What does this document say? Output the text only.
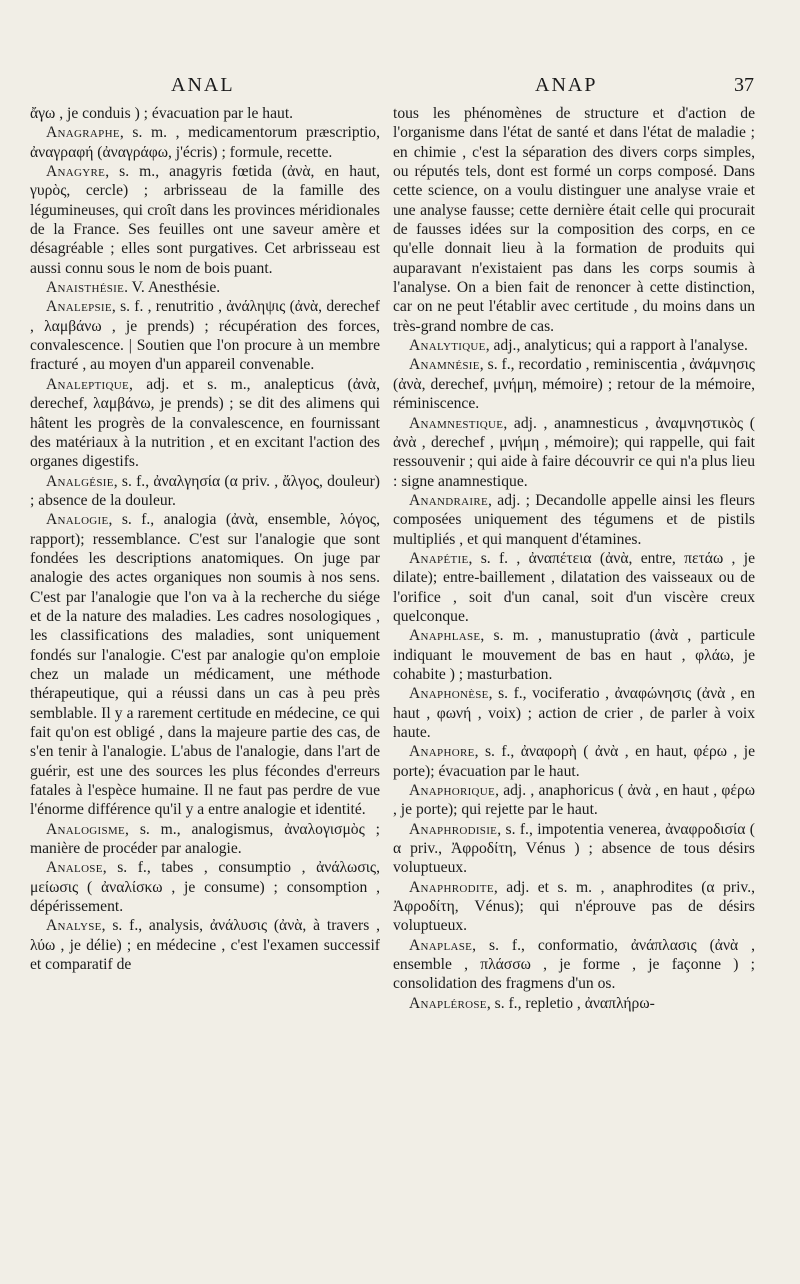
ANAL	ANAP	37

ἄγω , je conduis ) ; évacuation par le haut.

Anagraphe, s. m. , medicamentorum præscriptio, ἀναγραφή (ἀναγράφω, j'écris) ; formule, recette.

Anagyre, s. m., anagyris fœtida (ἀνὰ, en haut, γυρὸς, cercle) ; arbrisseau de la famille des légumineuses, qui croît dans les provinces méridionales de la France. Ses feuilles ont une saveur amère et désagréable ; elles sont purgatives. Cet arbrisseau est aussi connu sous le nom de bois puant.

Anaisthésie. V. Anesthésie.

Analepsie, s. f. , renutritio , ἀνάληψις (ἀνὰ, derechef , λαμβάνω , je prends) ; récupération des forces, convalescence. | Soutien que l'on procure à un membre fracturé , au moyen d'un appareil convenable.

Analeptique, adj. et s. m., analepticus (ἀνὰ, derechef, λαμβάνω, je prends) ; se dit des alimens qui hâtent les progrès de la convalescence, en fournissant des matériaux à la nutrition , et en excitant l'action des organes digestifs.

Analgésie, s. f., ἀναλγησία (α priv. , ἄλγος, douleur) ; absence de la douleur.

Analogie, s. f., analogia (ἀνὰ, ensemble, λόγος, rapport); ressemblance. C'est sur l'analogie que sont fondées les descriptions anatomiques. On juge par analogie des actes organiques non soumis à nos sens. C'est par l'analogie que l'on va à la recherche du siége et de la nature des maladies. Les cadres nosologiques , les classifications des maladies, sont uniquement fondés sur l'analogie. C'est par analogie qu'on emploie chez un malade un médicament, une méthode thérapeutique, qui a réussi dans un cas à peu près semblable. Il y a rarement certitude en médecine, ce qui fait qu'on est obligé , dans la majeure partie des cas, de s'en tenir à l'analogie. L'abus de l'analogie, dans l'art de guérir, est une des sources les plus fécondes d'erreurs fatales à l'espèce humaine. Il ne faut pas perdre de vue l'énorme différence qu'il y a entre analogie et identité.

Analogisme, s. m., analogismus, ἀναλογισμὸς ; manière de procéder par analogie.

Analose, s. f., tabes , consumptio , ἀνάλωσις, μείωσις ( ἀναλίσκω , je consume) ; consomption , dépérissement.

Analyse, s. f., analysis, ἀνάλυσις (ἀνὰ, à travers , λύω , je délie) ; en médecine , c'est l'examen successif et comparatif de

tous les phénomènes de structure et d'action de l'organisme dans l'état de santé et dans l'état de maladie ; en chimie , c'est la séparation des divers corps simples, ou réputés tels, dont est formé un corps composé. Dans cette science, on a voulu distinguer une analyse vraie et une analyse fausse; cette dernière était celle qui procurait de fausses idées sur la composition des corps, en ce qu'elle donnait lieu à la formation de produits qui auparavant n'existaient pas dans les corps soumis à l'analyse. On a bien fait de renoncer à cette distinction, car on ne peut l'établir avec certitude , du moins dans un très-grand nombre de cas.

Analytique, adj., analyticus; qui a rapport à l'analyse.

Anamnésie, s. f., recordatio , reminiscentia , ἀνάμνησις (ἀνὰ, derechef, μνήμη, mémoire) ; retour de la mémoire, réminiscence.

Anamnestique, adj. , anamnesticus , ἀναμνηστικὸς ( ἀνὰ , derechef , μνήμη , mémoire); qui rappelle, qui fait ressouvenir ; qui aide à faire découvrir ce qui n'a plus lieu : signe anamnestique.

Anandraire, adj. ; Decandolle appelle ainsi les fleurs composées uniquement des tégumens et de pistils multipliés , et qui manquent d'étamines.

Anapétie, s. f. , ἀναπέτεια (ἀνὰ, entre, πετάω , je dilate); entre-baillement , dilatation des vaisseaux ou de l'orifice , soit d'un canal, soit d'un viscère creux quelconque.

Anaphlase, s. m. , manustupratio (ἀνὰ , particule indiquant le mouvement de bas en haut , φλάω, je cohabite ) ; masturbation.

Anaphonèse, s. f., vociferatio , ἀναφώνησις (ἀνὰ , en haut , φωνή , voix) ; action de crier , de parler à voix haute.

Anaphore, s. f., ἀναφορὴ ( ἀνὰ , en haut, φέρω , je porte); évacuation par le haut.

Anaphorique, adj. , anaphoricus ( ἀνὰ , en haut , φέρω , je porte); qui rejette par le haut.

Anaphrodisie, s. f., impotentia venerea, ἀναφροδισία ( α priv., Ἀφροδίτη, Vénus ) ; absence de tous désirs voluptueux.

Anaphrodite, adj. et s. m. , anaphrodites (α priv., Ἀφροδίτη, Vénus); qui n'éprouve pas de désirs voluptueux.

Anaplase, s. f., conformatio, ἀνάπλασις (ἀνὰ , ensemble , πλάσσω , je forme , je façonne ) ; consolidation des fragmens d'un os.

Anaplérose, s. f., repletio , ἀναπλήρω-
